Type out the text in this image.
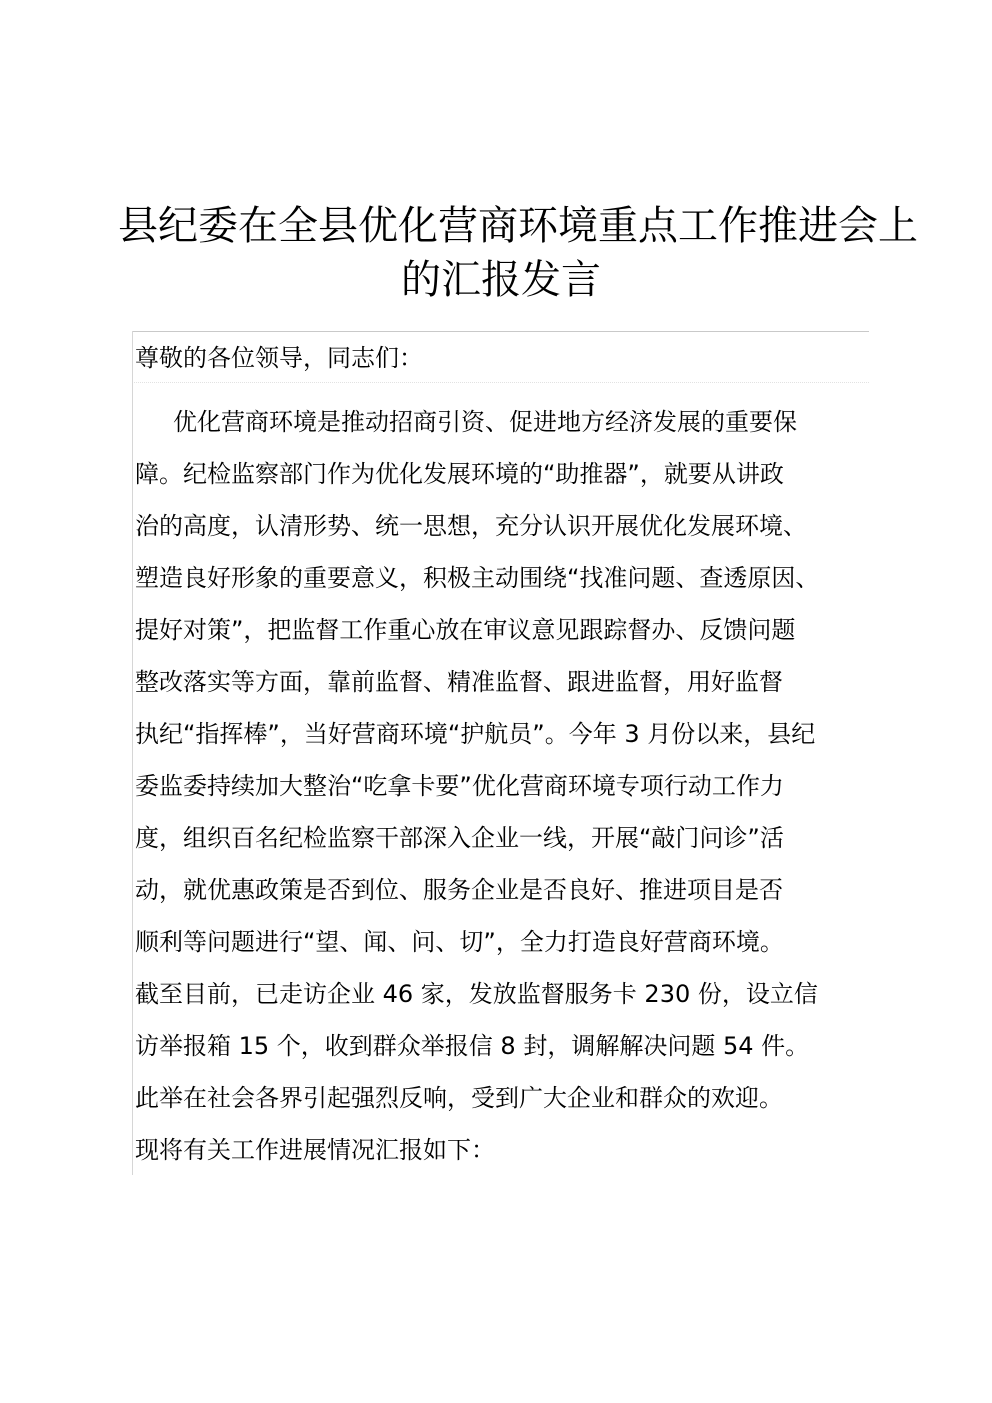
县纪委在全县优化营商环境重点工作推进会上
的汇报发言
尊敬的各位领导，同志们：
优化营商环境是推动招商引资、促进地方经济发展的重要保
障。纪检监察部门作为优化发展环境的“助推器”，就要从讲政
治的高度，认清形势、统一思想，充分认识开展优化发展环境、
塑造良好形象的重要意义，积极主动围绕“找准问题、查透原因、
提好对策”，把监督工作重心放在审议意见跟踪督办、反馈问题
整改落实等方面，靠前监督、精准监督、跟进监督，用好监督
执纪“指挥棒”，当好营商环境“护航员”。今年 3 月份以来，县纪
委监委持续加大整治“吃拿卡要”优化营商环境专项行动工作力
度，组织百名纪检监察干部深入企业一线，开展“敲门问诊”活
动，就优惠政策是否到位、服务企业是否良好、推进项目是否
顺利等问题进行“望、闻、问、切”，全力打造良好营商环境。
截至目前，已走访企业 46 家，发放监督服务卡 230 份，设立信
访举报箱 15 个，收到群众举报信 8 封，调解解决问题 54 件。
此举在社会各界引起强烈反响，受到广大企业和群众的欢迎。
现将有关工作进展情况汇报如下：
